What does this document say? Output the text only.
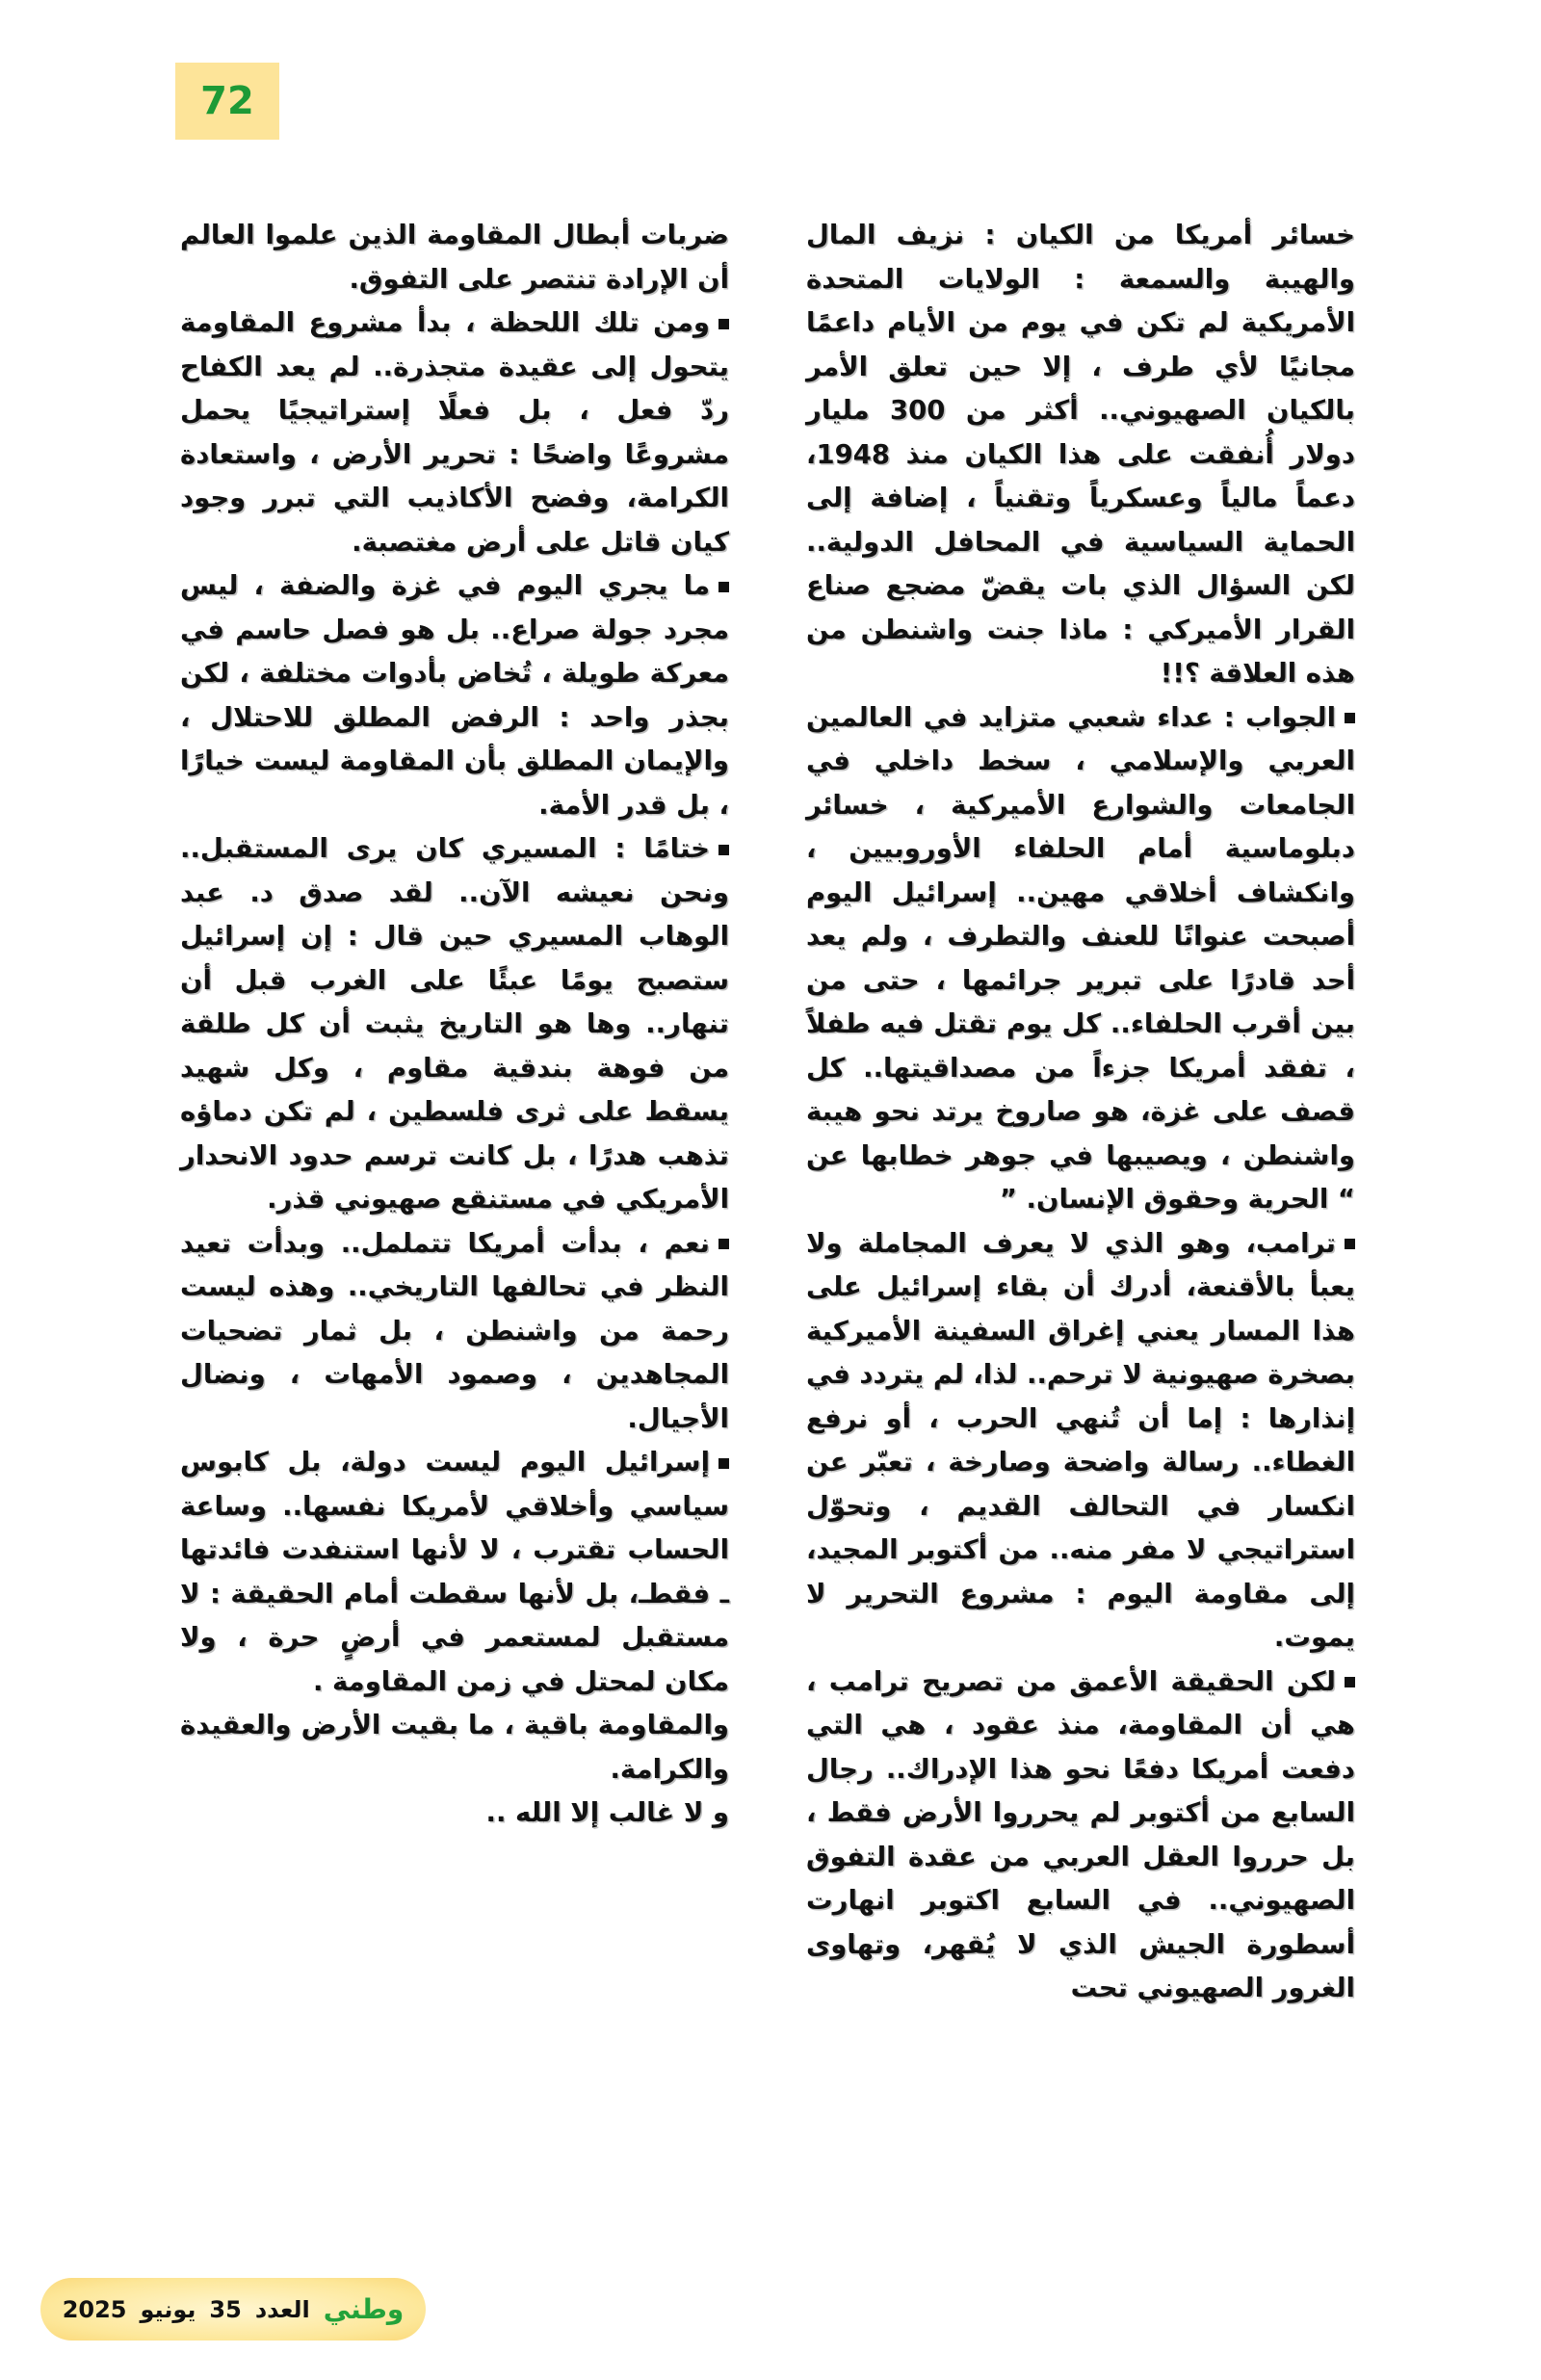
72

خسائر أمريكا من الكيان : نزيف المال والهيبة والسمعة : الولايات المتحدة الأمريكية لم تكن في يوم من الأيام داعمًا مجانيًا لأي طرف ، إلا حين تعلق الأمر بالكيان الصهيوني.. أكثر من 300 مليار دولار أُنفقت على هذا الكيان منذ 1948، دعماً مالياً وعسكرياً وتقنياً ، إضافة إلى الحماية السياسية في المحافل الدولية.. لكن السؤال الذي بات يقضّ مضجع صناع القرار الأميركي : ماذا جنت واشنطن من هذه العلاقة ؟!!

الجواب : عداء شعبي متزايد في العالمين العربي والإسلامي ، سخط داخلي في الجامعات والشوارع الأميركية ، خسائر دبلوماسية أمام الحلفاء الأوروبيين ، وانكشاف أخلاقي مهين.. إسرائيل اليوم أصبحت عنوانًا للعنف والتطرف ، ولم يعد أحد قادرًا على تبرير جرائمها ، حتى من بين أقرب الحلفاء.. كل يوم تقتل فيه طفلاً ، تفقد أمريكا جزءاً من مصداقيتها.. كل قصف على غزة، هو صاروخ يرتد نحو هيبة واشنطن ، ويصيبها في جوهر خطابها عن “ الحرية وحقوق الإنسان. ”

ترامب، وهو الذي لا يعرف المجاملة ولا يعبأ بالأقنعة، أدرك أن بقاء إسرائيل على هذا المسار يعني إغراق السفينة الأميركية بصخرة صهيونية لا ترحم.. لذا، لم يتردد في إنذارها : إما أن تُنهي الحرب ، أو نرفع الغطاء.. رسالة واضحة وصارخة ، تعبّر عن انكسار في التحالف القديم ، وتحوّل استراتيجي لا مفر منه.. من أكتوبر المجيد، إلى مقاومة اليوم : مشروع التحرير لا يموت.

لكن الحقيقة الأعمق من تصريح ترامب ، هي أن المقاومة، منذ عقود ، هي التي دفعت أمريكا دفعًا نحو هذا الإدراك.. رجال السابع من أكتوبر لم يحرروا الأرض فقط ، بل حرروا العقل العربي من عقدة التفوق الصهيوني.. في السابع اكتوبر انهارت أسطورة الجيش الذي لا يُقهر، وتهاوى الغرور الصهيوني تحت

ضربات أبطال المقاومة الذين علموا العالم أن الإرادة تنتصر على التفوق.

ومن تلك اللحظة ، بدأ مشروع المقاومة يتحول إلى عقيدة متجذرة.. لم يعد الكفاح ردّ فعل ، بل فعلًا إستراتيجيًا يحمل مشروعًا واضحًا : تحرير الأرض ، واستعادة الكرامة، وفضح الأكاذيب التي تبرر وجود كيان قاتل على أرض مغتصبة.

ما يجري اليوم في غزة والضفة ، ليس مجرد جولة صراع.. بل هو فصل حاسم في معركة طويلة ، تُخاض بأدوات مختلفة ، لكن بجذر واحد : الرفض المطلق للاحتلال ، والإيمان المطلق بأن المقاومة ليست خيارًا ، بل قدر الأمة.

ختامًا : المسيري كان يرى المستقبل.. ونحن نعيشه الآن.. لقد صدق د. عبد الوهاب المسيري حين قال : إن إسرائيل ستصبح يومًا عبئًا على الغرب قبل أن تنهار.. وها هو التاريخ يثبت أن كل طلقة من فوهة بندقية مقاوم ، وكل شهيد يسقط على ثرى فلسطين ، لم تكن دماؤه تذهب هدرًا ، بل كانت ترسم حدود الانحدار الأمريكي في مستنقع صهيوني قذر.

نعم ، بدأت أمريكا تتململ.. وبدأت تعيد النظر في تحالفها التاريخي.. وهذه ليست رحمة من واشنطن ، بل ثمار تضحيات المجاهدين ، وصمود الأمهات ، ونضال الأجيال.

إسرائيل اليوم ليست دولة، بل كابوس سياسي وأخلاقي لأمريكا نفسها.. وساعة الحساب تقترب ، لا لأنها استنفدت فائدتها ـ فقطـ، بل لأنها سقطت أمام الحقيقة : لا مستقبل لمستعمر في أرضٍ حرة ، ولا مكان لمحتل في زمن المقاومة .

والمقاومة باقية ، ما بقيت الأرض والعقيدة والكرامة.

و لا غالب إلا الله ..

وطني
العدد
35
يونيو
2025
